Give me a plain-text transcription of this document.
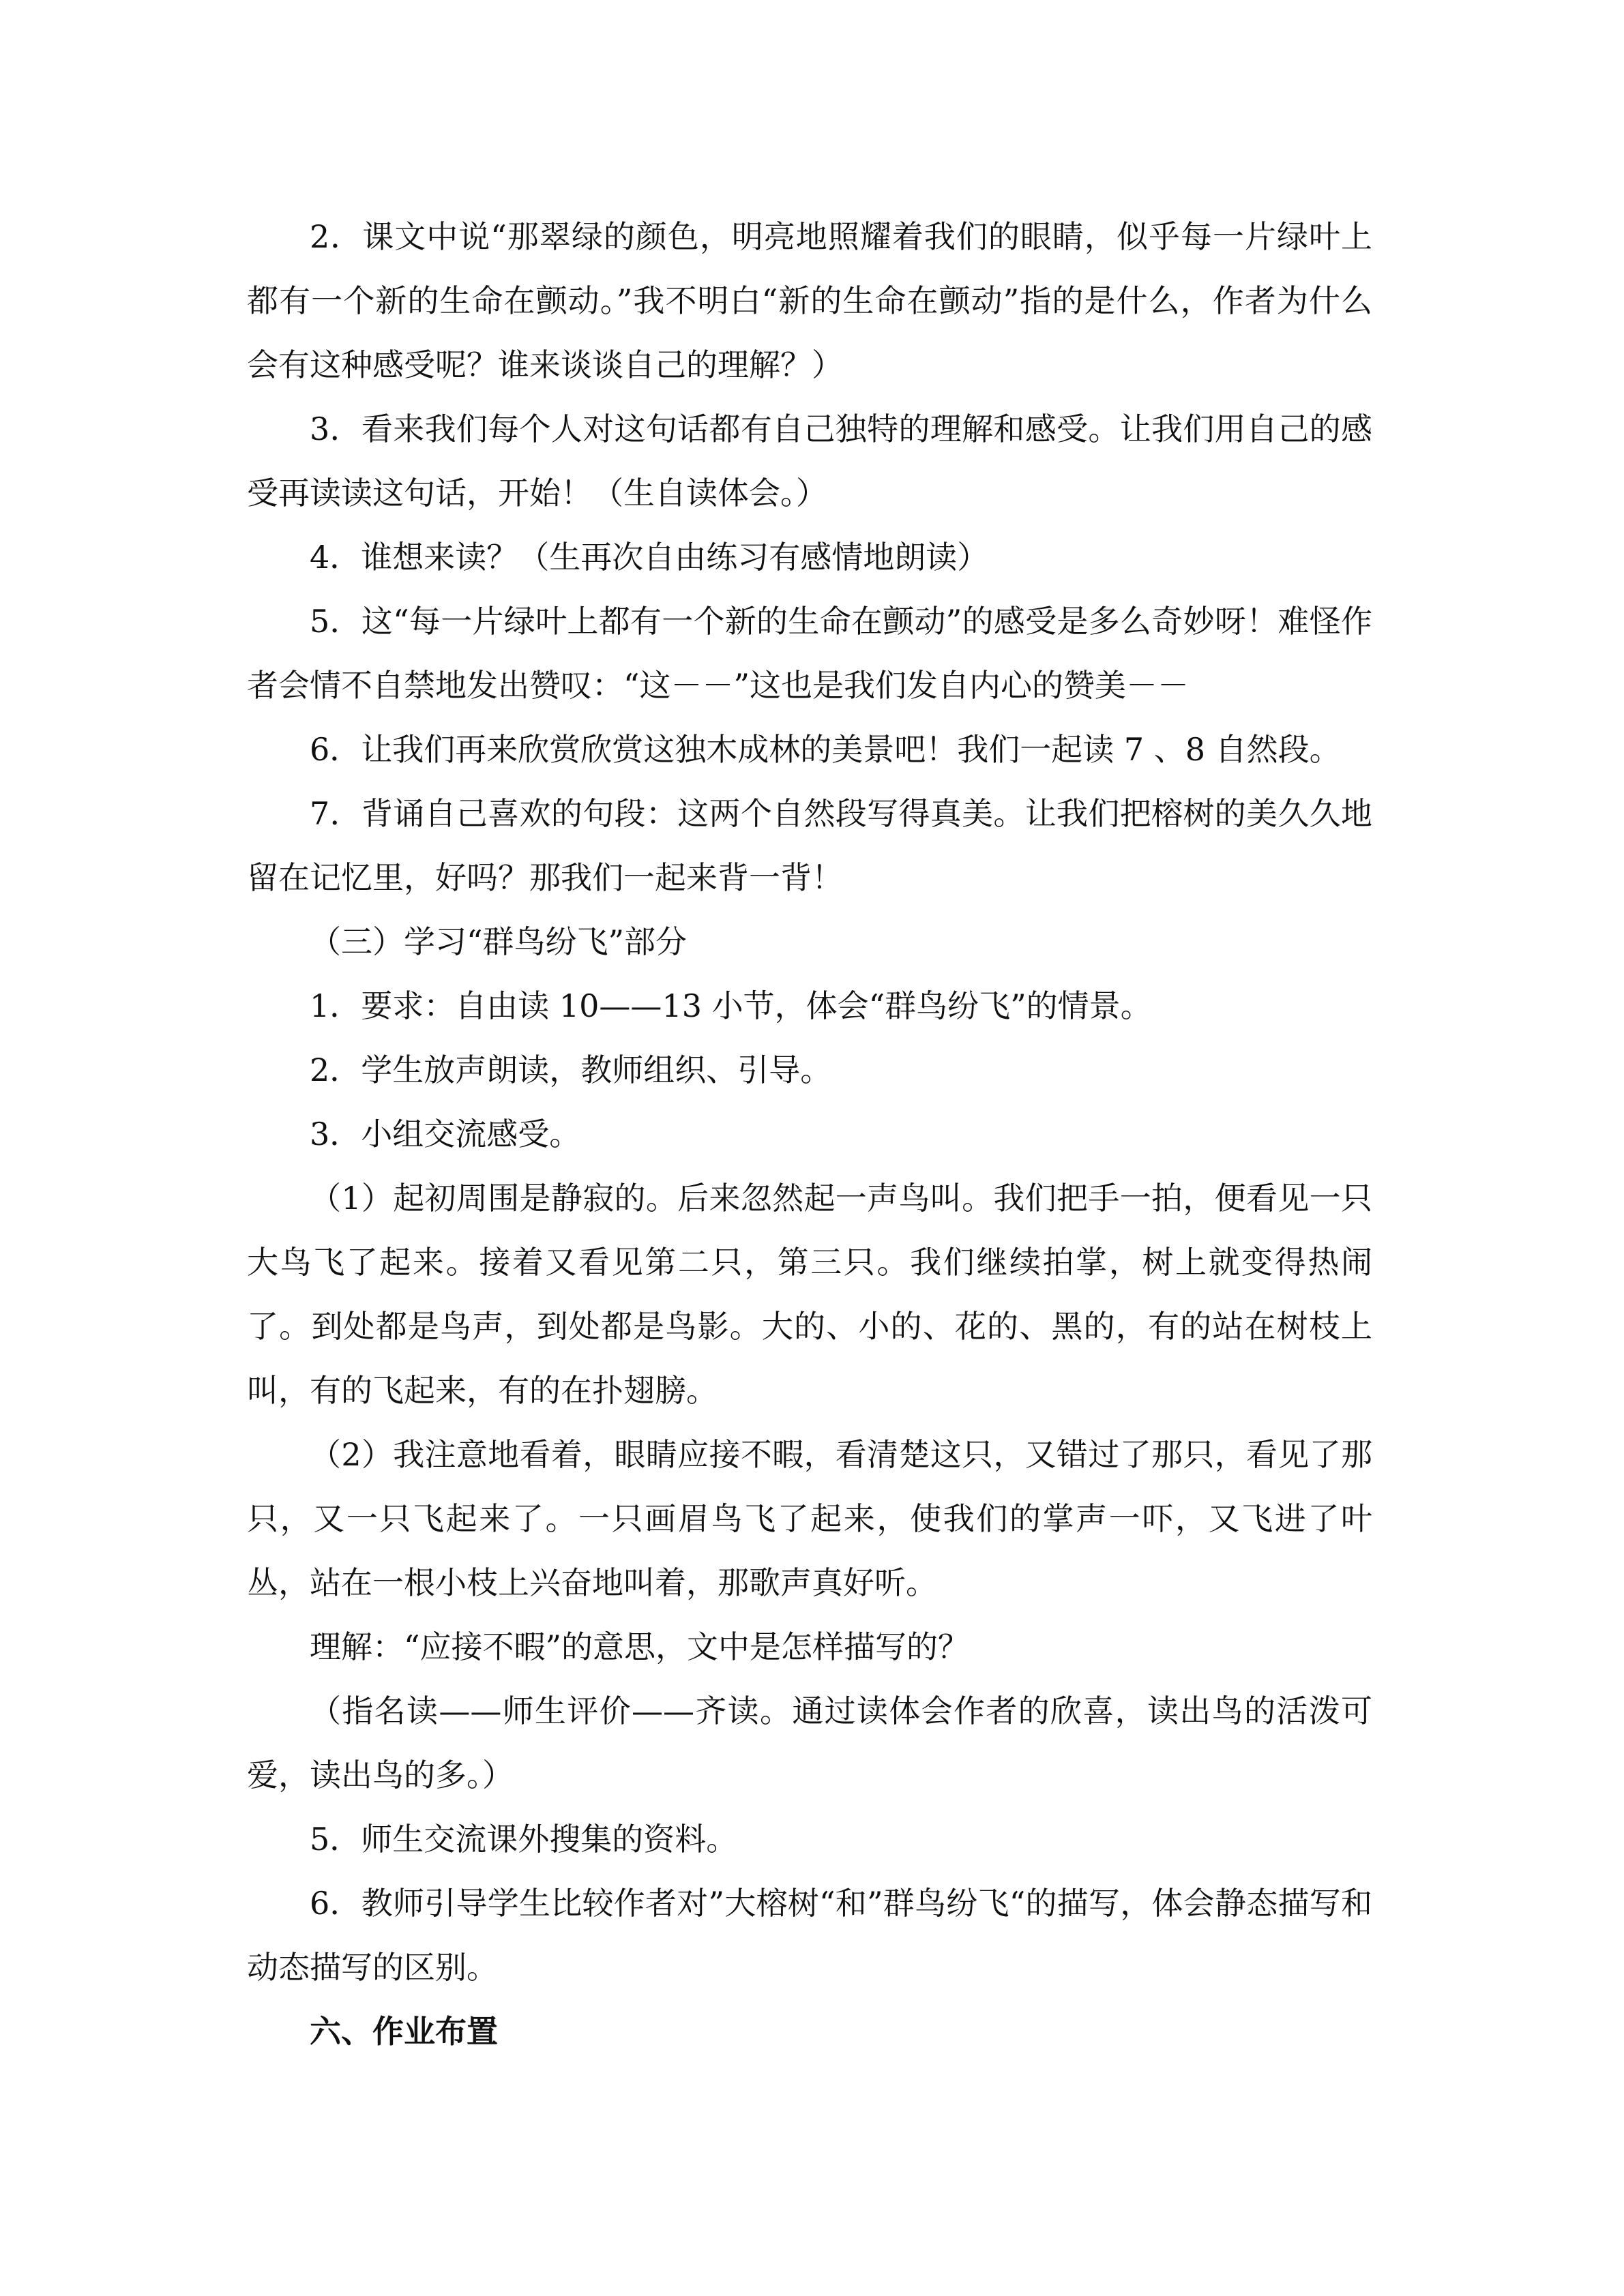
2．课文中说“那翠绿的颜色，明亮地照耀着我们的眼睛，似乎每一片绿叶上都有一个新的生命在颤动。”我不明白“新的生命在颤动”指的是什么，作者为什么会有这种感受呢？谁来谈谈自己的理解？）

3．看来我们每个人对这句话都有自己独特的理解和感受。让我们用自己的感受再读读这句话，开始！（生自读体会。）

4．谁想来读？（生再次自由练习有感情地朗读）

5．这“每一片绿叶上都有一个新的生命在颤动”的感受是多么奇妙呀！难怪作者会情不自禁地发出赞叹：“这－－”这也是我们发自内心的赞美－－

6．让我们再来欣赏欣赏这独木成林的美景吧！我们一起读 7 、8 自然段。

7．背诵自己喜欢的句段：这两个自然段写得真美。让我们把榕树的美久久地留在记忆里，好吗？那我们一起来背一背！

（三）学习“群鸟纷飞”部分

1．要求：自由读 10——13 小节，体会“群鸟纷飞”的情景。

2．学生放声朗读，教师组织、引导。

3．小组交流感受。

（1）起初周围是静寂的。后来忽然起一声鸟叫。我们把手一拍，便看见一只大鸟飞了起来。接着又看见第二只，第三只。我们继续拍掌，树上就变得热闹了。到处都是鸟声，到处都是鸟影。大的、小的、花的、黑的，有的站在树枝上叫，有的飞起来，有的在扑翅膀。

（2）我注意地看着，眼睛应接不暇，看清楚这只，又错过了那只，看见了那只，又一只飞起来了。一只画眉鸟飞了起来，使我们的掌声一吓，又飞进了叶丛，站在一根小枝上兴奋地叫着，那歌声真好听。

理解：“应接不暇”的意思，文中是怎样描写的？

（指名读——师生评价——齐读。通过读体会作者的欣喜，读出鸟的活泼可爱，读出鸟的多。）

5．师生交流课外搜集的资料。

6．教师引导学生比较作者对”大榕树“和”群鸟纷飞“的描写，体会静态描写和动态描写的区别。

六、作业布置
